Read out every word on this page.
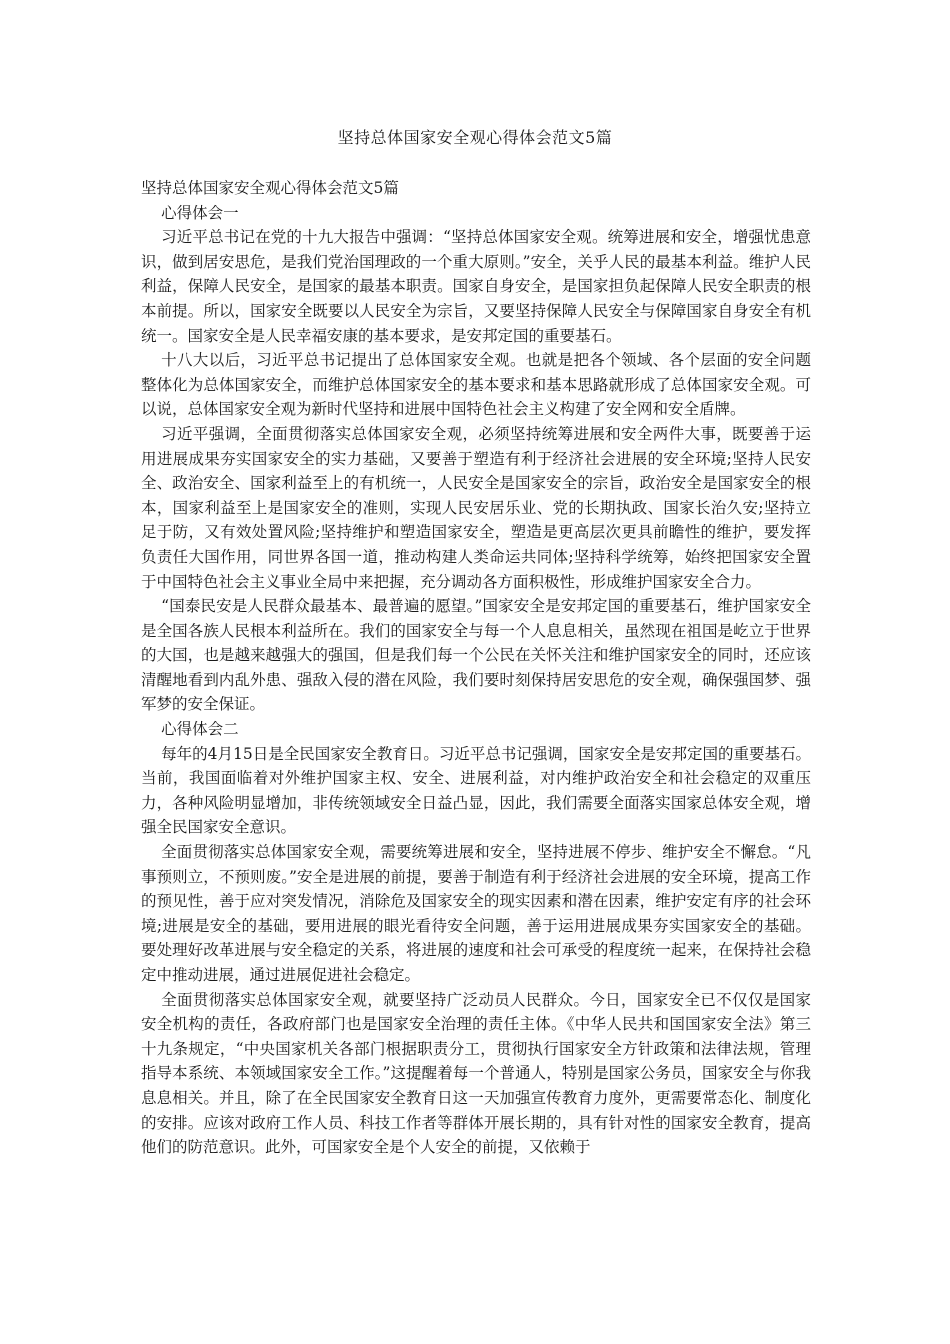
坚持总体国家安全观心得体会范文5篇

坚持总体国家安全观心得体会范文5篇

心得体会一

习近平总书记在党的十九大报告中强调：“坚持总体国家安全观。统筹进展和安全，增强忧患意识，做到居安思危，是我们党治国理政的一个重大原则。”安全，关乎人民的最基本利益。维护人民利益，保障人民安全，是国家的最基本职责。国家自身安全，是国家担负起保障人民安全职责的根本前提。所以，国家安全既要以人民安全为宗旨，又要坚持保障人民安全与保障国家自身安全有机统一。国家安全是人民幸福安康的基本要求，是安邦定国的重要基石。

十八大以后，习近平总书记提出了总体国家安全观。也就是把各个领域、各个层面的安全问题整体化为总体国家安全，而维护总体国家安全的基本要求和基本思路就形成了总体国家安全观。可以说，总体国家安全观为新时代坚持和进展中国特色社会主义构建了安全网和安全盾牌。

习近平强调，全面贯彻落实总体国家安全观，必须坚持统筹进展和安全两件大事，既要善于运用进展成果夯实国家安全的实力基础，又要善于塑造有利于经济社会进展的安全环境;坚持人民安全、政治安全、国家利益至上的有机统一，人民安全是国家安全的宗旨，政治安全是国家安全的根本，国家利益至上是国家安全的准则，实现人民安居乐业、党的长期执政、国家长治久安;坚持立足于防，又有效处置风险;坚持维护和塑造国家安全，塑造是更高层次更具前瞻性的维护，要发挥负责任大国作用，同世界各国一道，推动构建人类命运共同体;坚持科学统筹，始终把国家安全置于中国特色社会主义事业全局中来把握，充分调动各方面积极性，形成维护国家安全合力。

“国泰民安是人民群众最基本、最普遍的愿望。”国家安全是安邦定国的重要基石，维护国家安全是全国各族人民根本利益所在。我们的国家安全与每一个人息息相关，虽然现在祖国是屹立于世界的大国，也是越来越强大的强国，但是我们每一个公民在关怀关注和维护国家安全的同时，还应该清醒地看到内乱外患、强敌入侵的潜在风险，我们要时刻保持居安思危的安全观，确保强国梦、强军梦的安全保证。

心得体会二

每年的4月15日是全民国家安全教育日。习近平总书记强调，国家安全是安邦定国的重要基石。当前，我国面临着对外维护国家主权、安全、进展利益，对内维护政治安全和社会稳定的双重压力，各种风险明显增加，非传统领域安全日益凸显，因此，我们需要全面落实国家总体安全观，增强全民国家安全意识。

全面贯彻落实总体国家安全观，需要统筹进展和安全，坚持进展不停步、维护安全不懈怠。“凡事预则立，不预则废。”安全是进展的前提，要善于制造有利于经济社会进展的安全环境，提高工作的预见性，善于应对突发情况，消除危及国家安全的现实因素和潜在因素，维护安定有序的社会环境;进展是安全的基础，要用进展的眼光看待安全问题，善于运用进展成果夯实国家安全的基础。要处理好改革进展与安全稳定的关系，将进展的速度和社会可承受的程度统一起来，在保持社会稳定中推动进展，通过进展促进社会稳定。

全面贯彻落实总体国家安全观，就要坚持广泛动员人民群众。今日，国家安全已不仅仅是国家安全机构的责任，各政府部门也是国家安全治理的责任主体。《中华人民共和国国家安全法》第三十九条规定，“中央国家机关各部门根据职责分工，贯彻执行国家安全方针政策和法律法规，管理指导本系统、本领域国家安全工作。”这提醒着每一个普通人，特别是国家公务员，国家安全与你我息息相关。并且，除了在全民国家安全教育日这一天加强宣传教育力度外，更需要常态化、制度化的安排。应该对政府工作人员、科技工作者等群体开展长期的，具有针对性的国家安全教育，提高他们的防范意识。此外，可国家安全是个人安全的前提，又依赖于
